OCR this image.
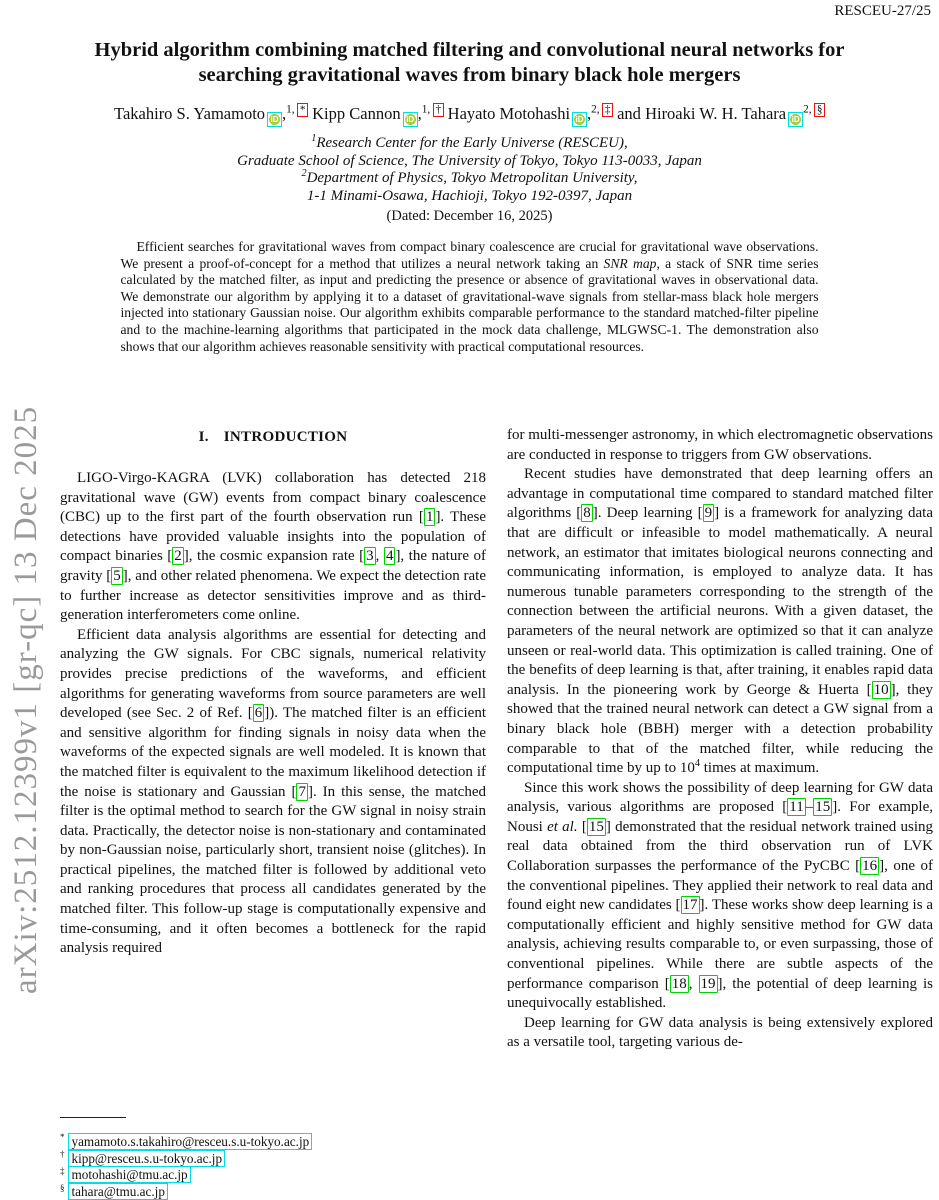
RESCEU-27/25
arXiv:2512.12399v1 [gr-qc] 13 Dec 2025
Hybrid algorithm combining matched filtering and convolutional neural networks for
searching gravitational waves from binary black hole mergers
Takahiro S. Yamamoto iD ,$^{1, *}$ Kipp Cannon iD ,$^{1, \dagger}$ Hayato Motohashi iD ,$^{2, \ddagger}$ and Hiroaki W. H. Tahara $iD^{2, \S}$
$^1$Research Center for the Early Universe (RESCEU),
Graduate School of Science, The University of Tokyo, Tokyo 113-0033, Japan
$^2$Department of Physics, Tokyo Metropolitan University,
1-1 Minami-Osawa, Hachioji, Tokyo 192-0397, Japan
(Dated: December 16, 2025)

Efficient searches for gravitational waves from compact binary coalescence are crucial for gravitational wave observations. We present a proof-of-concept for a method that utilizes a neural network taking an SNR map, a stack of SNR time series calculated by the matched filter, as input and predicting the presence or absence of gravitational waves in observational data. We demonstrate our algorithm by applying it to a dataset of gravitational-wave signals from stellar-mass black hole mergers injected into stationary Gaussian noise. Our algorithm exhibits comparable performance to the standard matched-filter pipeline and to the machine-learning algorithms that participated in the mock data challenge, MLGWSC-1. The demonstration also shows that our algorithm achieves reasonable sensitivity with practical computational resources.

I. INTRODUCTION

LIGO-Virgo-KAGRA (LVK) collaboration has detected 218 gravitational wave (GW) events from compact binary coalescence (CBC) up to the first part of the fourth observation run [ 1 ]. These detections have provided valuable insights into the population of compact binaries [ 2 ], the cosmic expansion rate [ 3 , 4 ], the nature of gravity [ 5 ], and other related phenomena. We expect the detection rate to further increase as detector sensitivities improve and as third-generation interferometers come online.

Efficient data analysis algorithms are essential for detecting and analyzing the GW signals. For CBC signals, numerical relativity provides precise predictions of the waveforms, and efficient algorithms for generating waveforms from source parameters are well developed (see Sec. 2 of Ref. [ 6 ]). The matched filter is an efficient and sensitive algorithm for finding signals in noisy data when the waveforms of the expected signals are well modeled. It is known that the matched filter is equivalent to the maximum likelihood detection if the noise is stationary and Gaussian [ 7 ]. In this sense, the matched filter is the optimal method to search for the GW signal in noisy strain data. Practically, the detector noise is non-stationary and contaminated by non-Gaussian noise, particularly short, transient noise (glitches). In practical pipelines, the matched filter is followed by additional veto and ranking procedures that process all candidates generated by the matched filter. This follow-up stage is computationally expensive and time-consuming, and it often becomes a bottleneck for the rapid analysis required

* yamamoto.s.takahiro@resceu.s.u-tokyo.ac.jp
† kipp@resceu.s.u-tokyo.ac.jp
‡ motohashi@tmu.ac.jp
§ tahara@tmu.ac.jp

for multi-messenger astronomy, in which electromagnetic observations are conducted in response to triggers from GW observations.

Recent studies have demonstrated that deep learning offers an advantage in computational time compared to standard matched filter algorithms [ 8 ]. Deep learning [ 9 ] is a framework for analyzing data that are difficult or infeasible to model mathematically. A neural network, an estimator that imitates biological neurons connecting and communicating information, is employed to analyze data. It has numerous tunable parameters corresponding to the strength of the connection between the artificial neurons. With a given dataset, the parameters of the neural network are optimized so that it can analyze unseen or real-world data. This optimization is called training. One of the benefits of deep learning is that, after training, it enables rapid data analysis. In the pioneering work by George & Huerta [ 10 ], they showed that the trained neural network can detect a GW signal from a binary black hole (BBH) merger with a detection probability comparable to that of the matched filter, while reducing the computational time by up to $10^4$ times at maximum.

Since this work shows the possibility of deep learning for GW data analysis, various algorithms are proposed [ 11 – 15 ]. For example, Nousi et al. [ 15 ] demonstrated that the residual network trained using real data obtained from the third observation run of LVK Collaboration surpasses the performance of the PyCBC [ 16 ], one of the conventional pipelines. They applied their network to real data and found eight new candidates [ 17 ]. These works show deep learning is a computationally efficient and highly sensitive method for GW data analysis, achieving results comparable to, or even surpassing, those of conventional pipelines. While there are subtle aspects of the performance comparison [ 18 , 19 ], the potential of deep learning is unequivocally established.

Deep learning for GW data analysis is being extensively explored as a versatile tool, targeting various de-
